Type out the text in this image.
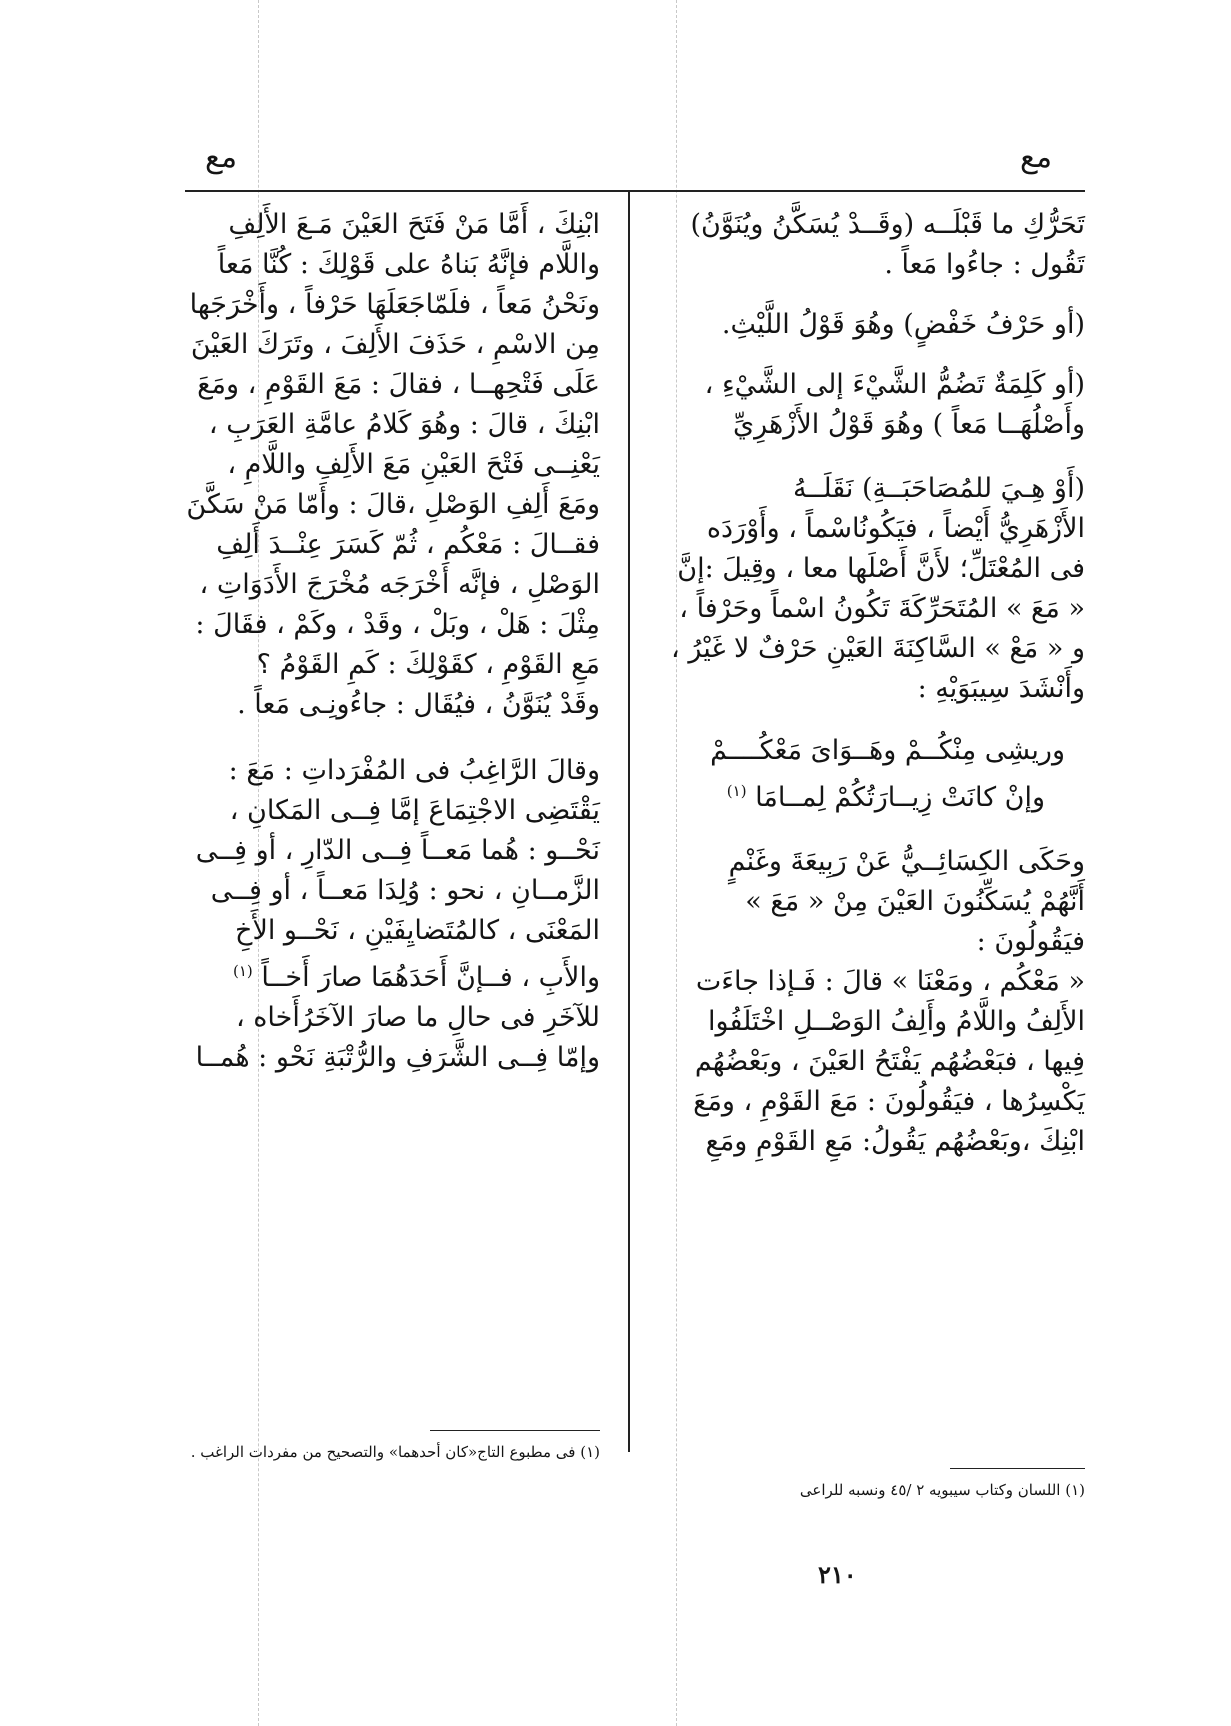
مع	مع

تَحَرُّكِ ما قَبْلَــه (وقَــدْ يُسَكَّنُ ويُنَوَّنُ)

تَقُول : جاءُوا مَعاً .

(أو حَرْفُ خَفْضٍ) وهُوَ قَوْلُ اللَّيْثِ.

(أو كَلِمَةٌ تَضُمُّ الشَّيْءَ إلى الشَّيْءِ ،

وأَصْلُهَــا مَعاً ) وهُوَ قَوْلُ الأَزْهَرِيِّ

(أَوْ هِـيَ للمُصَاحَبَــةِ) نَقَلَــهُ

الأَزْهَرِيُّ أَيْضاً ، فيَكُونُاسْماً ، وأَوْرَدَه

فى المُعْتَلِّ؛ لأَنَّ أَصْلَها معا ، وقِيلَ :إنَّ

« مَعَ » المُتَحَرِّكَةَ تَكُونُ اسْماً وحَرْفاً ،

و « مَعْ » السَّاكِنَةَ العَيْنِ حَرْفٌ لا غَيْرُ ،

وأَنْشَدَ سِيبَوَيْهِ :

وريشِى مِنْكُــمْ وهَــوَاىَ مَعْكُــــمْ

وإنْ كانَتْ زِيــارَتُكُمْ لِمــامَا $^{(١)}$

وحَكَى الكِسَائِــيُّ عَنْ رَبِيعَةَ وغَنْمٍ

أَنَّهُمْ يُسَكِّنُونَ العَيْنَ مِنْ « مَعَ » فيَقُولُونَ :

« مَعْكُم ، ومَعْنَا » قالَ : فَـإذا جاءَت

الأَلِفُ واللَّامُ وأَلِفُ الوَصْــلِ اخْتَلَفُوا

فِيها ، فبَعْضُهُم يَفْتَحُ العَيْنَ ، وبَعْضُهُم

يَكْسِرُها ، فيَقُولُونَ : مَعَ القَوْمِ ، ومَعَ

ابْنِكَ ،وبَعْضُهُم يَقُولُ: مَعِ القَوْمِ ومَعِ

(١) اللسان وكتاب سيبويه ٢ /٤٥ ونسبه للراعى

ابْنِكَ ، أَمَّا مَنْ فَتَحَ العَيْنَ مَـعَ الأَلِفِ

واللَّام فإنَّهُ بَناهُ على قَوْلِكَ : كُنَّا مَعاً

ونَحْنُ مَعاً ، فلَمّاجَعَلَهَا حَرْفاً ، وأَخْرَجَها

مِن الاسْمِ ، حَذَفَ الأَلِفَ ، وتَرَكَ العَيْنَ

عَلَى فَتْحِهــا ، فقالَ : مَعَ القَوْمِ ، ومَعَ

ابْنِكَ ، قالَ : وهُوَ كَلامُ عامَّةِ العَرَبِ ،

يَعْنِــى فَتْحَ العَيْنِ مَعَ الأَلِفِ واللَّامِ ،

ومَعَ أَلِفِ الوَصْلِ ،قالَ : وأَمّا مَنْ سَكَّنَ

فقــالَ : مَعْكُم ، ثُمّ كَسَرَ عِنْــدَ أَلِفِ

الوَصْلِ ، فإنَّه أَخْرَجَه مُخْرَجَ الأَدَوَاتِ ،

مِثْلَ : هَلْ ، وبَلْ ، وقَدْ ، وكَمْ ، فقَالَ :

مَعِ القَوْمِ ، كقَوْلِكَ : كَمِ القَوْمُ ؟

وقَدْ يُنَوَّنُ ، فيُقَال : جاءُونِـى مَعاً .

وقالَ الرَّاغِبُ فى المُفْرَداتِ : مَعَ :

يَقْتَضِى الاجْتِمَاعَ إمَّا فِــى المَكانِ ،

نَحْــو : هُما مَعــاً فِــى الدّارِ ، أو فِــى

الزَّمــانِ ، نحو : وُلِدَا مَعــاً ، أو فِــى

المَعْنَى ، كالمُتَضايِفَيْنِ ، نَحْــو الأَخِ

والأَبِ ، فــإنَّ أَحَدَهُمَا صارَ أَخــاً $^{(١)}$

للآخَرِ فى حالِ ما صارَ الآخَرُأَخاه ،

وإمّا فِــى الشَّرَفِ والرُّتْبَةِ نَحْو : هُمــا

(١) فى مطبوع التاج«كان أحدهما» والتصحيح من مفردات الراغب .
٢١٠
